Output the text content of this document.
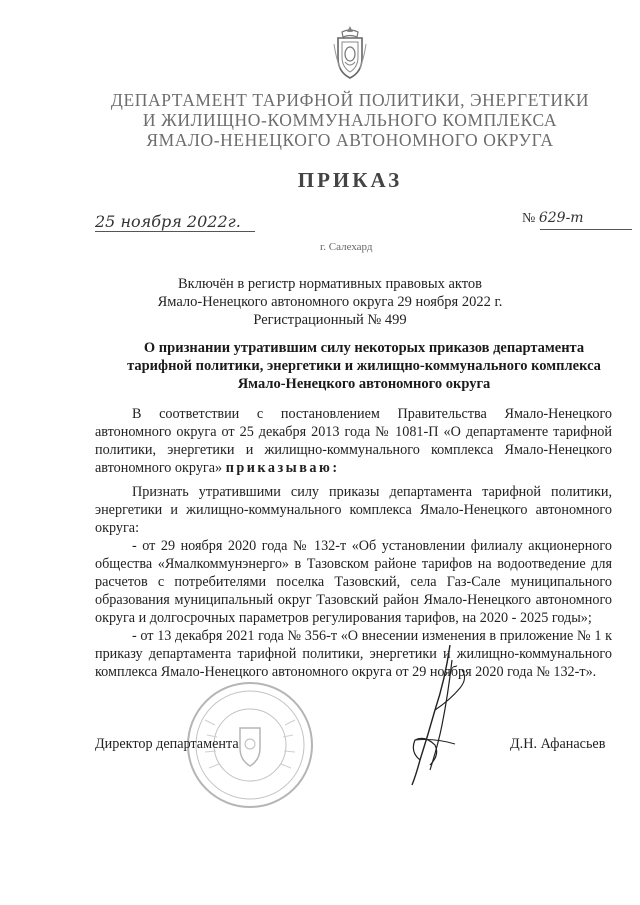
ДЕПАРТАМЕНТ ТАРИФНОЙ ПОЛИТИКИ, ЭНЕРГЕТИКИ
И ЖИЛИЩНО-КОММУНАЛЬНОГО КОМПЛЕКСА
ЯМАЛО-НЕНЕЦКОГО АВТОНОМНОГО ОКРУГА
ПРИКАЗ
25 ноября 2022г.	№ 629-т
г. Салехард
Включён в регистр нормативных правовых актов
Ямало-Ненецкого автономного округа 29 ноября 2022 г.
Регистрационный № 499
О признании утратившим силу некоторых приказов департамента
тарифной политики, энергетики и жилищно-коммунального комплекса
Ямало-Ненецкого автономного округа
В соответствии с постановлением Правительства Ямало-Ненецкого автономного округа от 25 декабря 2013 года № 1081-П «О департаменте тарифной политики, энергетики и жилищно-коммунального комплекса Ямало-Ненецкого автономного округа» приказываю:
Признать утратившими силу приказы департамента тарифной политики, энергетики и жилищно-коммунального комплекса Ямало-Ненецкого автономного округа:
- от 29 ноября 2020 года № 132-т «Об установлении филиалу акционерного общества «Ямалкоммунэнерго» в Тазовском районе тарифов на водоотведение для расчетов с потребителями поселка Тазовский, села Газ-Сале муниципального образования муниципальный округ Тазовский район Ямало-Ненецкого автономного округа и долгосрочных параметров регулирования тарифов, на 2020 - 2025 годы»;
- от 13 декабря 2021 года № 356-т «О внесении изменения в приложение № 1 к приказу департамента тарифной политики, энергетики и жилищно-коммунального комплекса Ямало-Ненецкого автономного округа от 29 ноября 2020 года № 132-т».
Директор департамента	Д.Н. Афанасьев
